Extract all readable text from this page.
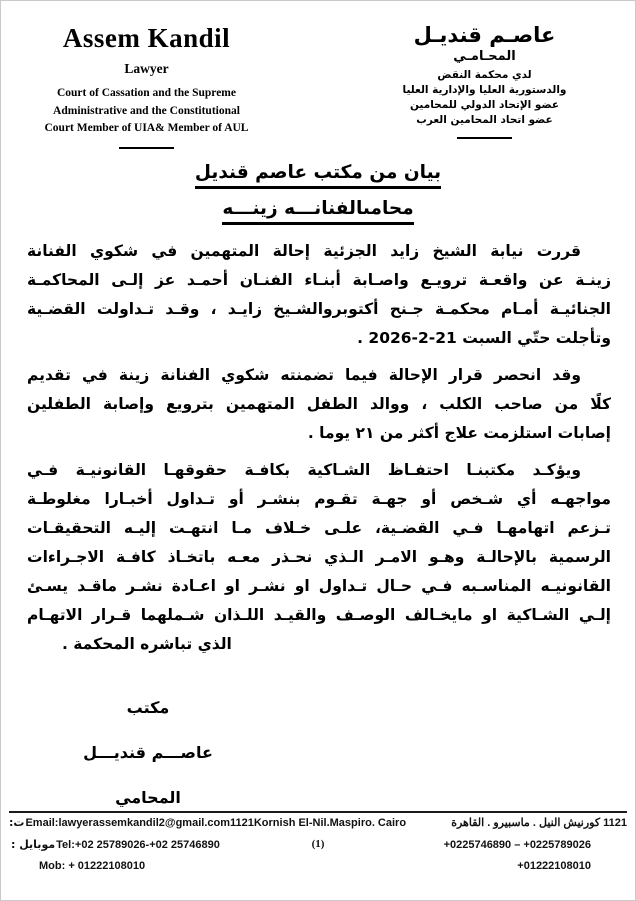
Assem Kandil
Lawyer
Court of Cassation and the Supreme
Administrative and the Constitutional
Court Member of UIA& Member of AUL
عاصـم قنديـل
المحـامـي
لدي محكمة النقض
والدستورية العليا والإدارية العليا
عضو الإتحاد الدولي للمحامين
عضو اتحاد المحامين العرب
بيان من مكتب عاصم قنديل
محامىالفنانـــه زينـــه
قررت نيابة الشيخ زايد الجزئية إحالة المتهمين في شكوي الفنانة
زينـة عن واقعـة ترويـع واصـابة أبنـاء الفنـان أحمـد عز إلـى المحاكمـة
الجنائيـة أمـام محكمـة جـنح أكتوبروالشـيخ زايـد ، وقـد تـداولت القضـية
وتأجلت حتّي السبت 21-2-2026 .
وقد انحصر قرار الإحالة فيما تضمنته شكوي الفنانة زينة في تقديم
كلًا من صاحب الكلب ، ووالد الطفل المتهمين بترويع وإصابة الطفلين
إصابات استلزمت علاج أكثر من ٢١ يوما .
ويؤكـد مكتبنـا احتفـاظ الشـاكية بكافـة حقوقهـا القانونيـة فـي
مواجهـه أي شـخص أو جهـة تقـوم بنشـر أو تـداول أخبـارا مغلوطـة
تـزعم اتهامهـا فـي القضـية، علـى خـلاف مـا انتهـت إليـه التحقيقـات
الرسمية بالإحالـة وهـو الامـر الـذي نحـذر معـه باتخـاذ كافـة الاجـراءات
القانونيـه المناسـبه فـي حـال تـداول او نشـر او اعـادة نشـر ماقـد يسـئ
إلـي الشـاكية او مايخـالف الوصـف والقيـد اللـذان شـملهما قـرار الاتهـام
الذي تباشره المحكمة .
مكتب
عاصـــم قنديـــل
المحامي
ت: Email:lawyerassemkandil2@gmail.com1121Kornish El-Nil.Maspiro. Cairo	1121 كورنيش النيل . ماسبيرو . القاهرة
موبايل : Tel:+02 25789026-+02 25746890	(1)	+0225746890 – +0225789026
Mob: + 01222108010	+01222108010
